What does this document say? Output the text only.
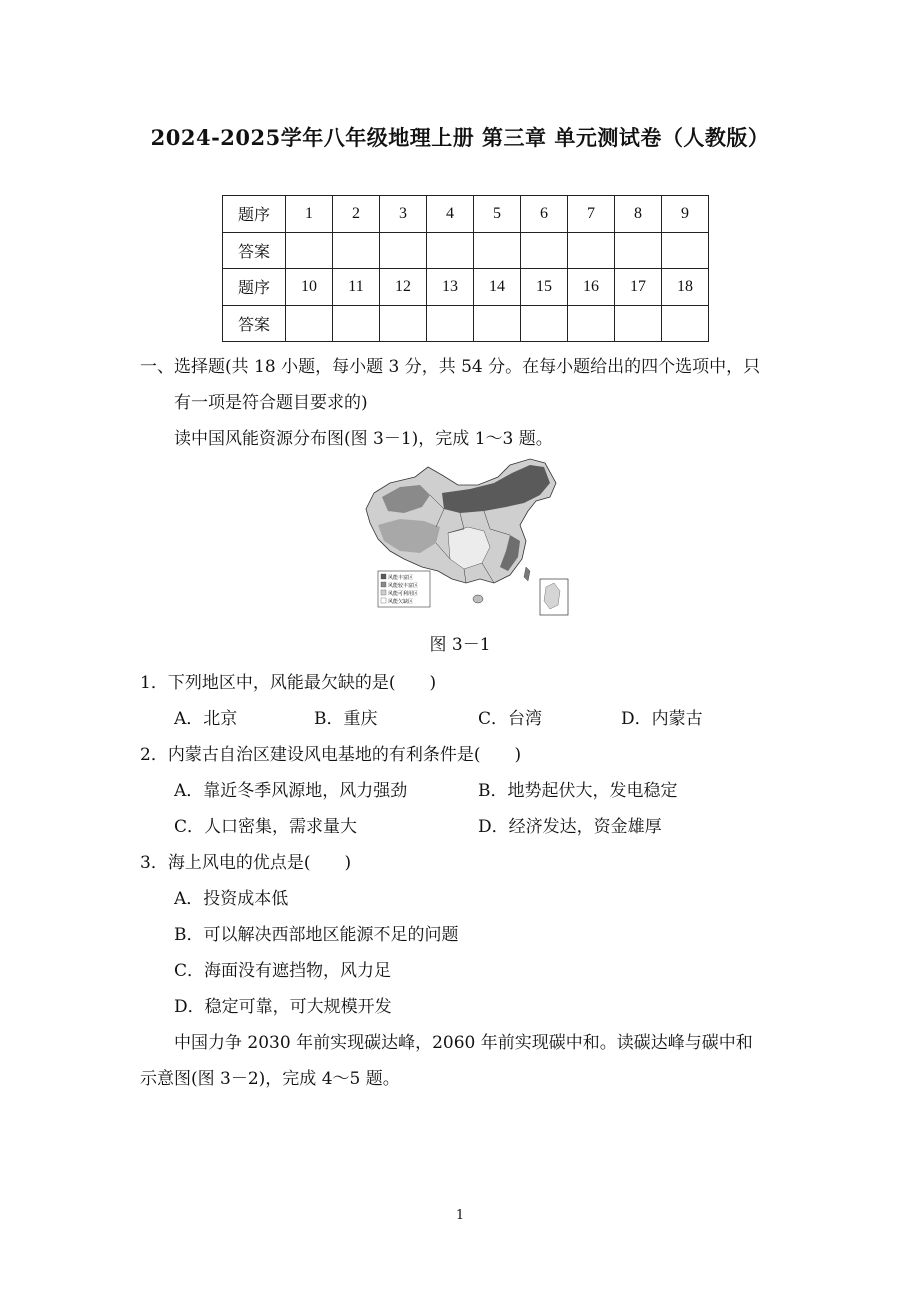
2024-2025学年八年级地理上册 第三章 单元测试卷（人教版）
题序	1	2	3	4	5	6	7	8	9
答案									
题序	10	11	12	13	14	15	16	17	18
答案									
一、选择题(共 18 小题，每小题 3 分，共 54 分。在每小题给出的四个选项中，只
有一项是符合题目要求的)
读中国风能资源分布图(图 3－1)，完成 1～3 题。
风能丰富区
风能较丰富区
风能可利用区
风能欠缺区
图 3－1
1．下列地区中，风能最欠缺的是(　　)
A．北京	B．重庆	C．台湾	D．内蒙古
2．内蒙古自治区建设风电基地的有利条件是(　　)
A．靠近冬季风源地，风力强劲	B．地势起伏大，发电稳定
C．人口密集，需求量大	D．经济发达，资金雄厚
3．海上风电的优点是(　　)
A．投资成本低
B．可以解决西部地区能源不足的问题
C．海面没有遮挡物，风力足
D．稳定可靠，可大规模开发
中国力争 2030 年前实现碳达峰，2060 年前实现碳中和。读碳达峰与碳中和
示意图(图 3－2)，完成 4～5 题。
1
